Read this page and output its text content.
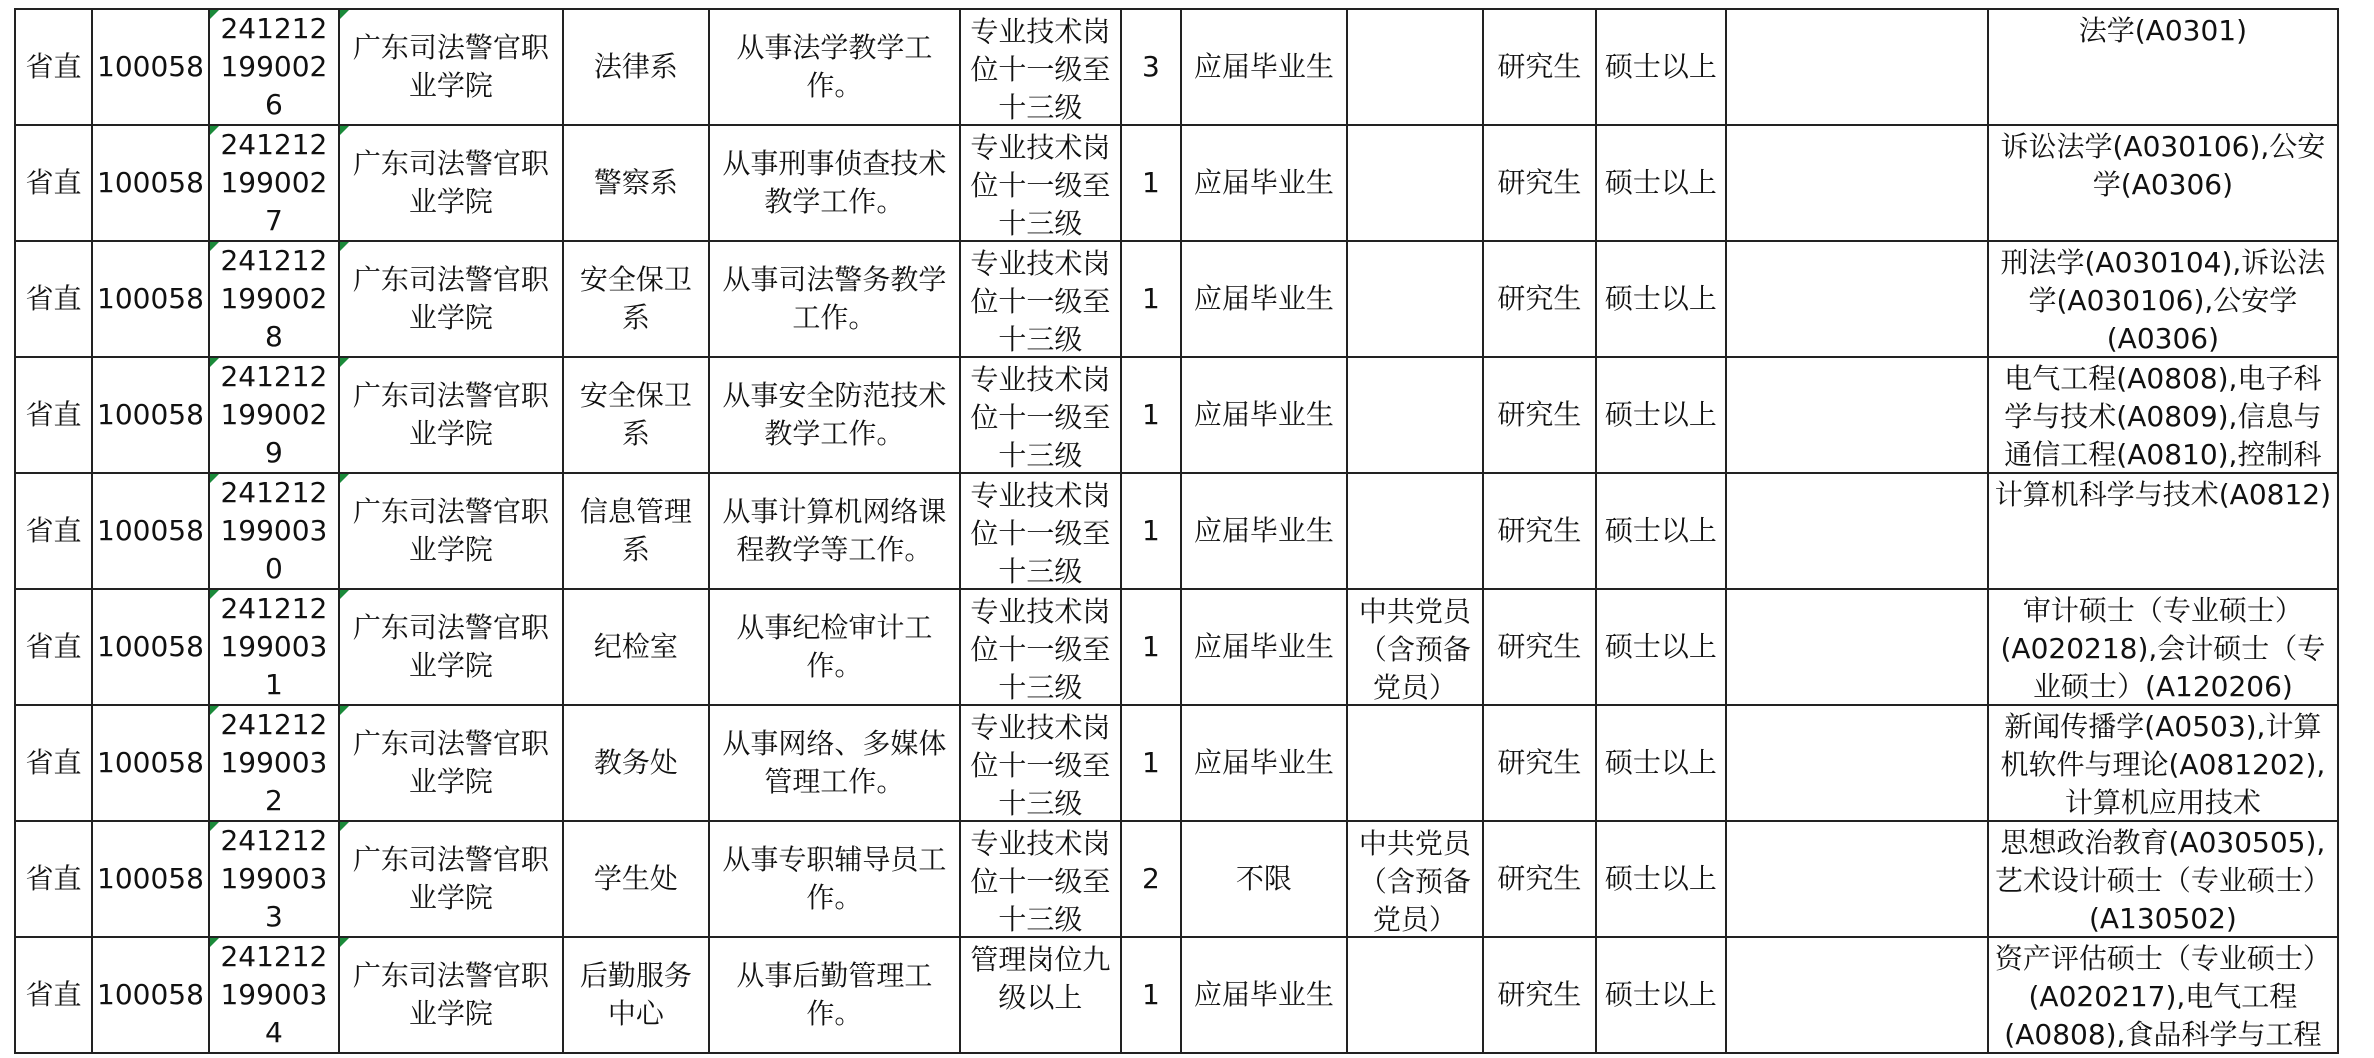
省直	100058	2412121990026	广东司法警官职业学院	法律系	从事法学教学工作。	专业技术岗位十一级至十三级	3	应届毕业生		研究生	硕士以上		法学(A0301)

省直	100058	2412121990027	广东司法警官职业学院	警察系	从事刑事侦查技术教学工作。	专业技术岗位十一级至十三级	1	应届毕业生		研究生	硕士以上		诉讼法学(A030106),公安学(A0306)

省直	100058	2412121990028	广东司法警官职业学院	安全保卫系	从事司法警务教学工作。	专业技术岗位十一级至十三级	1	应届毕业生		研究生	硕士以上		刑法学(A030104),诉讼法学(A030106),公安学(A0306)

省直	100058	2412121990029	广东司法警官职业学院	安全保卫系	从事安全防范技术教学工作。	专业技术岗位十一级至十三级	1	应届毕业生		研究生	硕士以上		电气工程(A0808),电子科学与技术(A0809),信息与通信工程(A0810),控制科

省直	100058	2412121990030	广东司法警官职业学院	信息管理系	从事计算机网络课程教学等工作。	专业技术岗位十一级至十三级	1	应届毕业生		研究生	硕士以上		计算机科学与技术(A0812)

省直	100058	2412121990031	广东司法警官职业学院	纪检室	从事纪检审计工作。	专业技术岗位十一级至十三级	1	应届毕业生	中共党员（含预备党员）	研究生	硕士以上		审计硕士（专业硕士）(A020218),会计硕士（专业硕士）(A120206)

省直	100058	2412121990032	广东司法警官职业学院	教务处	从事网络、多媒体管理工作。	专业技术岗位十一级至十三级	1	应届毕业生		研究生	硕士以上		新闻传播学(A0503),计算机软件与理论(A081202),计算机应用技术

省直	100058	2412121990033	广东司法警官职业学院	学生处	从事专职辅导员工作。	专业技术岗位十一级至十三级	2	不限	中共党员（含预备党员）	研究生	硕士以上		思想政治教育(A030505),艺术设计硕士（专业硕士）(A130502)

省直	100058	2412121990034	广东司法警官职业学院	后勤服务中心	从事后勤管理工作。	管理岗位九级以上	1	应届毕业生		研究生	硕士以上		资产评估硕士（专业硕士）(A020217),电气工程(A0808),食品科学与工程
